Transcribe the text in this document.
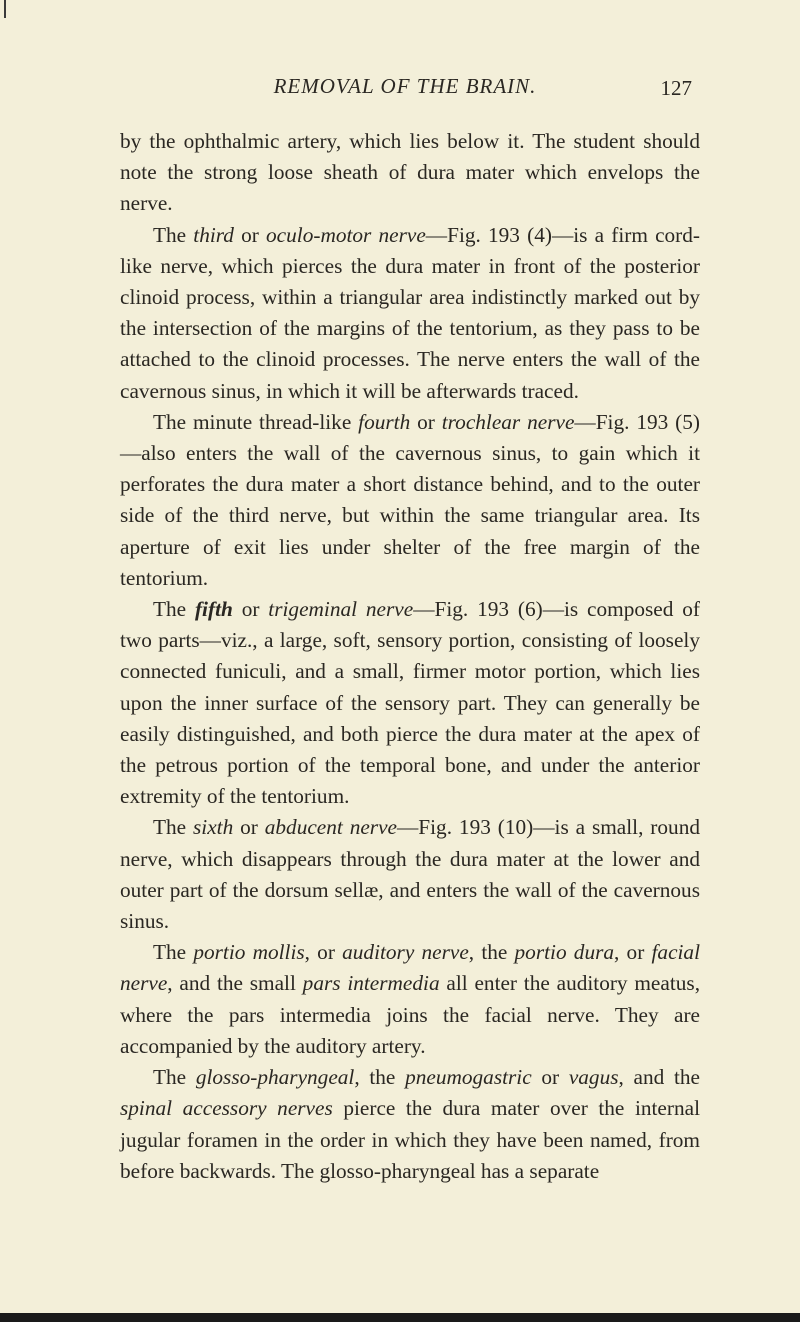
REMOVAL OF THE BRAIN.	127

by the ophthalmic artery, which lies below it. The student should note the strong loose sheath of dura mater which envelops the nerve.

The third or oculo-motor nerve—Fig. 193 (4)—is a firm cord-like nerve, which pierces the dura mater in front of the posterior clinoid process, within a triangular area indistinctly marked out by the intersection of the margins of the tentorium, as they pass to be attached to the clinoid processes. The nerve enters the wall of the cavernous sinus, in which it will be afterwards traced.

The minute thread-like fourth or trochlear nerve—Fig. 193 (5)—also enters the wall of the cavernous sinus, to gain which it perforates the dura mater a short distance behind, and to the outer side of the third nerve, but within the same triangular area. Its aperture of exit lies under shelter of the free margin of the tentorium.

The fifth or trigeminal nerve—Fig. 193 (6)—is composed of two parts—viz., a large, soft, sensory portion, consisting of loosely connected funiculi, and a small, firmer motor portion, which lies upon the inner surface of the sensory part. They can generally be easily distinguished, and both pierce the dura mater at the apex of the petrous portion of the temporal bone, and under the anterior extremity of the tentorium.

The sixth or abducent nerve—Fig. 193 (10)—is a small, round nerve, which disappears through the dura mater at the lower and outer part of the dorsum sellæ, and enters the wall of the cavernous sinus.

The portio mollis, or auditory nerve, the portio dura, or facial nerve, and the small pars intermedia all enter the auditory meatus, where the pars intermedia joins the facial nerve. They are accompanied by the auditory artery.

The glosso-pharyngeal, the pneumogastric or vagus, and the spinal accessory nerves pierce the dura mater over the internal jugular foramen in the order in which they have been named, from before backwards. The glosso-pharyngeal has a separate
